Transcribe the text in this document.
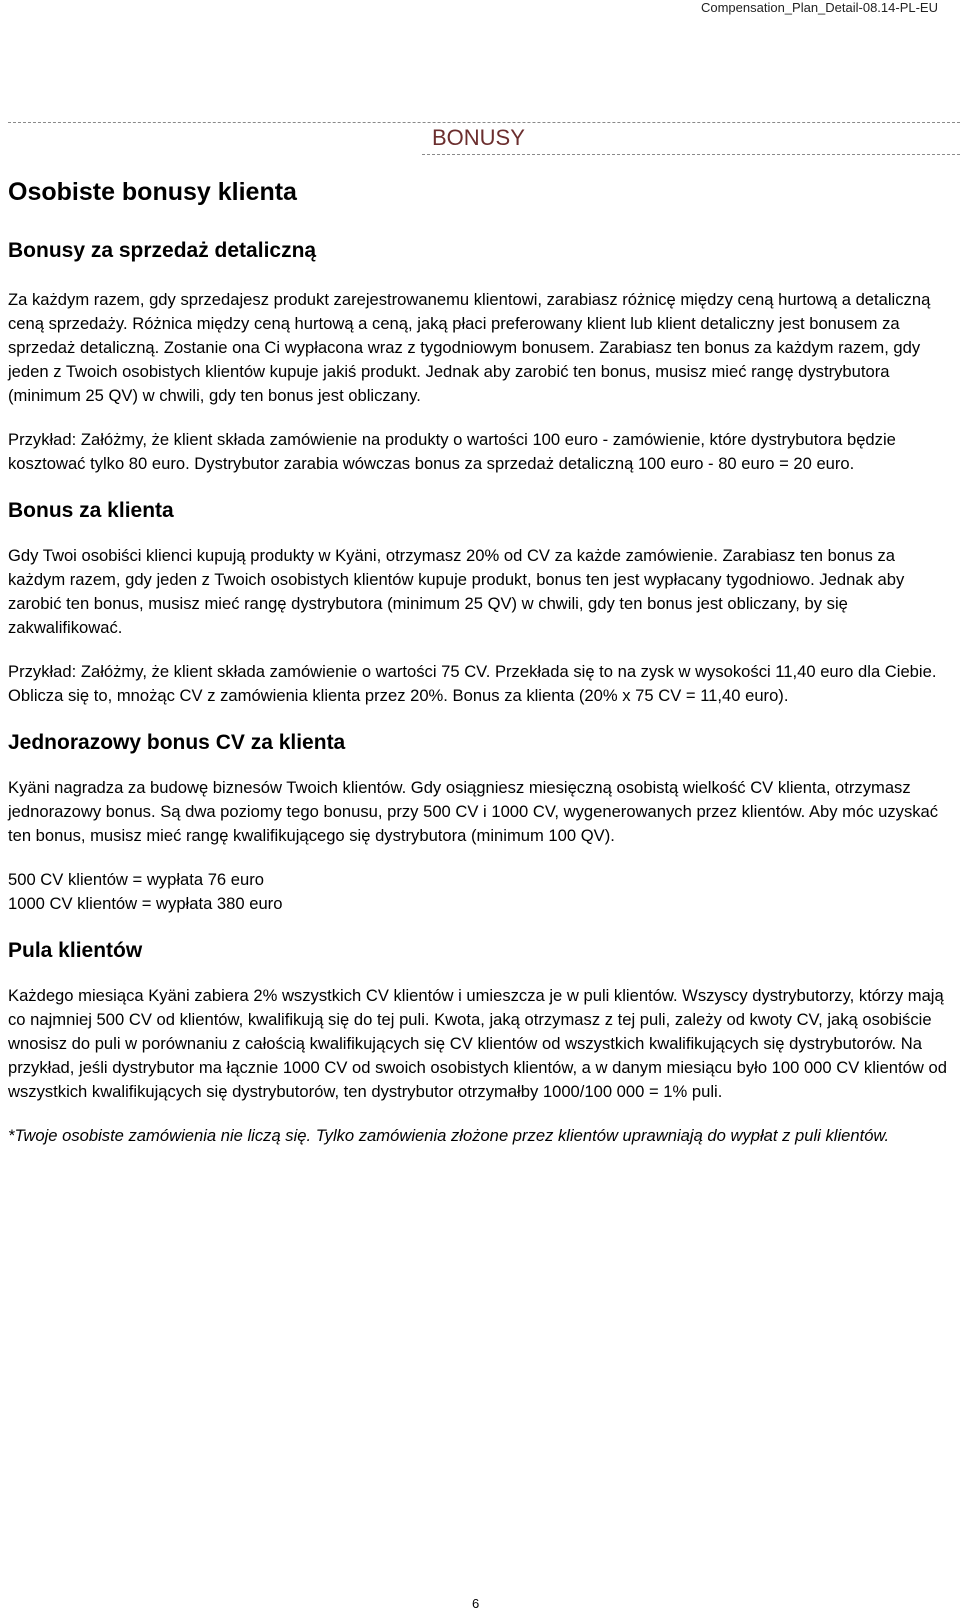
Compensation_Plan_Detail-08.14-PL-EU
BONUSY
Osobiste bonusy klienta
Bonusy za sprzedaż detaliczną

Za każdym razem, gdy sprzedajesz produkt zarejestrowanemu klientowi, zarabiasz różnicę między ceną hurtową a detaliczną ceną sprzedaży. Różnica między ceną hurtową a ceną, jaką płaci preferowany klient lub klient detaliczny jest bonusem za sprzedaż detaliczną. Zostanie ona Ci wypłacona wraz z tygodniowym bonusem. Zarabiasz ten bonus za każdym razem, gdy jeden z Twoich osobistych klientów kupuje jakiś produkt. Jednak aby zarobić ten bonus, musisz mieć rangę dystrybutora (minimum 25 QV) w chwili, gdy ten bonus jest obliczany.

Przykład: Załóżmy, że klient składa zamówienie na produkty o wartości 100 euro - zamówienie, które dystrybutora będzie kosztować tylko 80 euro. Dystrybutor zarabia wówczas bonus za sprzedaż detaliczną 100 euro - 80 euro = 20 euro.

Bonus za klienta

Gdy Twoi osobiści klienci kupują produkty w Kyäni, otrzymasz 20% od CV za każde zamówienie. Zarabiasz ten bonus za każdym razem, gdy jeden z Twoich osobistych klientów kupuje produkt, bonus ten jest wypłacany tygodniowo. Jednak aby zarobić ten bonus, musisz mieć rangę dystrybutora (minimum 25 QV) w chwili, gdy ten bonus jest obliczany, by się zakwalifikować.

Przykład: Załóżmy, że klient składa zamówienie o wartości 75 CV. Przekłada się to na zysk w wysokości 11,40 euro dla Ciebie. Oblicza się to, mnożąc CV z zamówienia klienta przez 20%. Bonus za klienta (20% x 75 CV = 11,40 euro).

Jednorazowy bonus CV za klienta

Kyäni nagradza za budowę biznesów Twoich klientów. Gdy osiągniesz miesięczną osobistą wielkość CV klienta, otrzymasz jednorazowy bonus. Są dwa poziomy tego bonusu, przy 500 CV i 1000 CV, wygenerowanych przez klientów. Aby móc uzyskać ten bonus, musisz mieć rangę kwalifikującego się dystrybutora (minimum 100 QV).

500 CV klientów = wypłata 76 euro
1000 CV klientów = wypłata 380 euro

Pula klientów

Każdego miesiąca Kyäni zabiera 2% wszystkich CV klientów i umieszcza je w puli klientów. Wszyscy dystrybutorzy, którzy mają co najmniej 500 CV od klientów, kwalifikują się do tej puli. Kwota, jaką otrzymasz z tej puli, zależy od kwoty CV, jaką osobiście wnosisz do puli w porównaniu z całością kwalifikujących się CV klientów od wszystkich kwalifikujących się dystrybutorów. Na przykład, jeśli dystrybutor ma łącznie 1000 CV od swoich osobistych klientów, a w danym miesiącu było 100 000 CV klientów od wszystkich kwalifikujących się dystrybutorów, ten dystrybutor otrzymałby 1000/100 000 = 1% puli.

*Twoje osobiste zamówienia nie liczą się. Tylko zamówienia złożone przez klientów uprawniają do wypłat z puli klientów.

6
